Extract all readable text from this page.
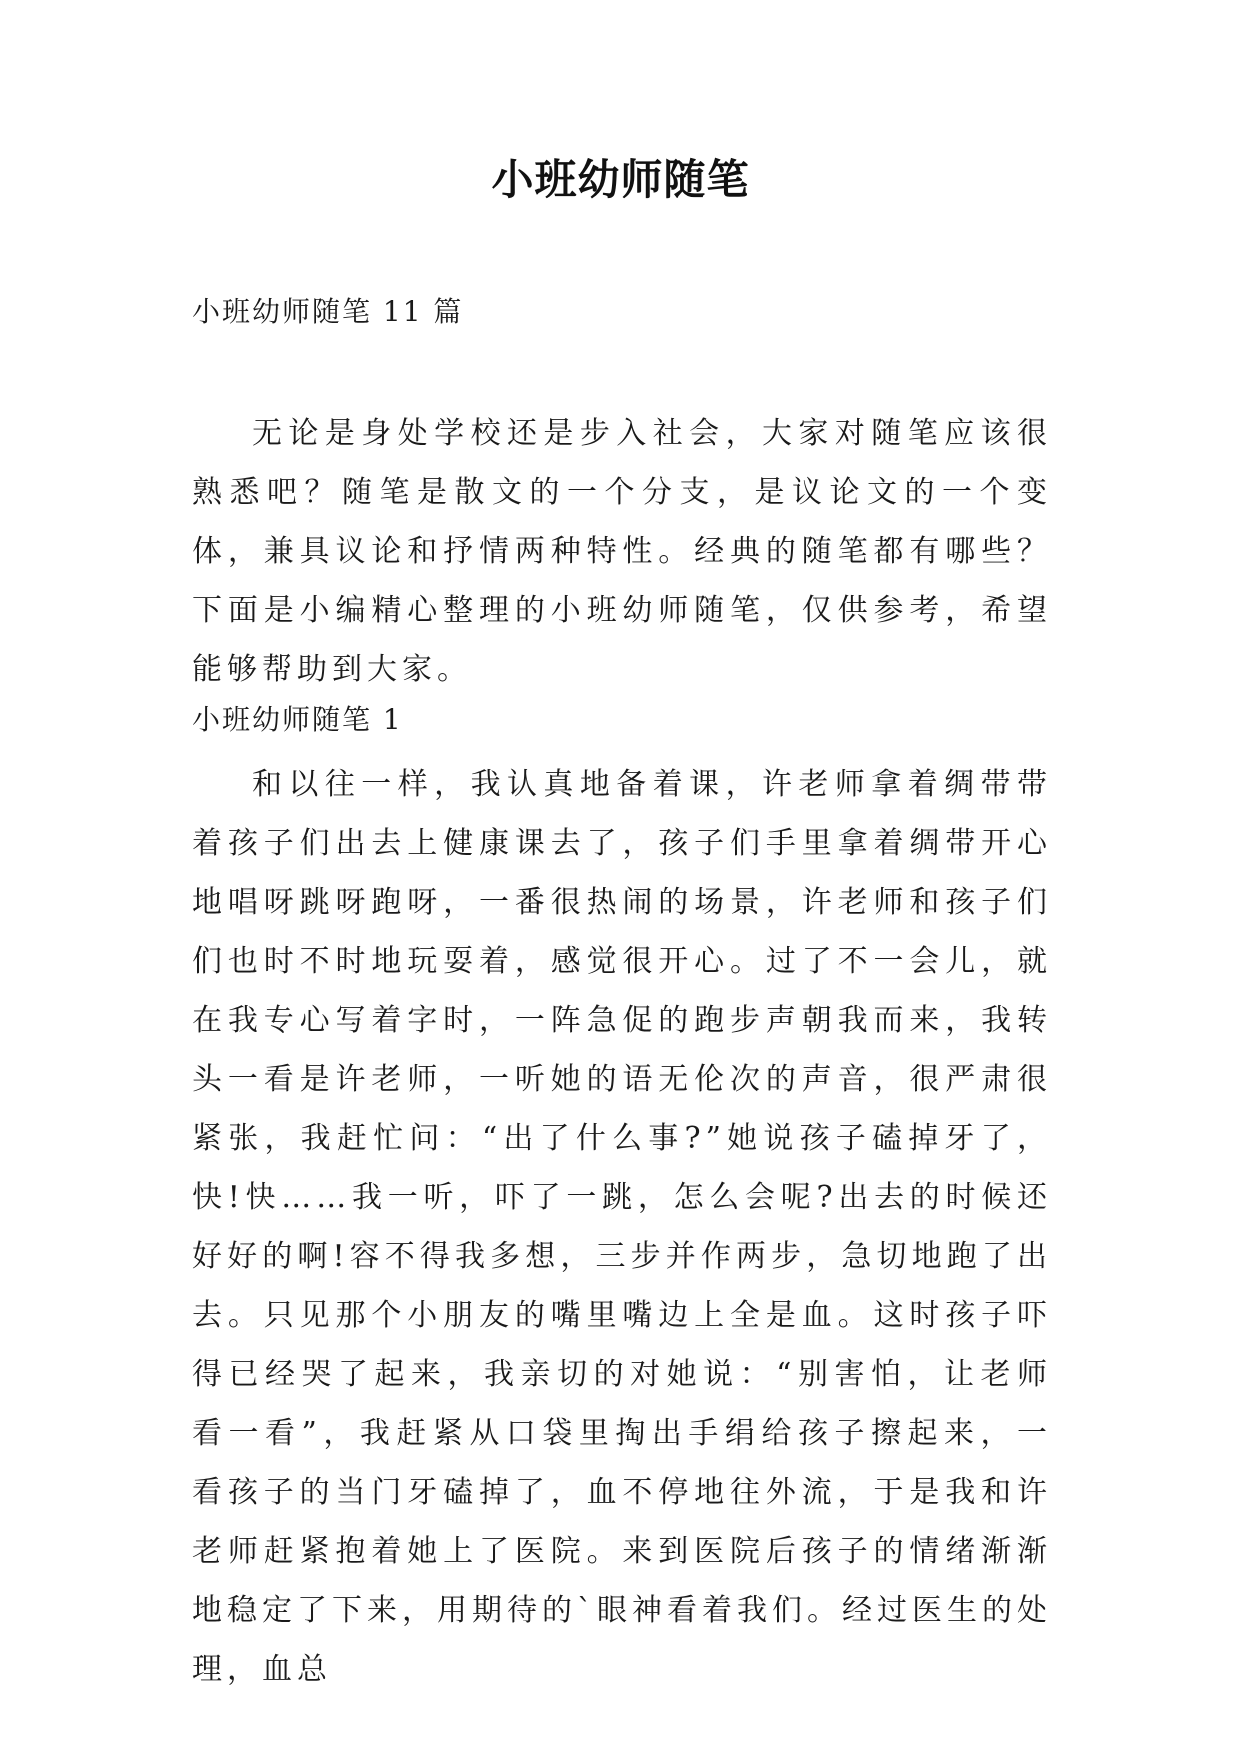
小班幼师随笔
小班幼师随笔 11 篇

无论是身处学校还是步入社会，大家对随笔应该很熟悉吧？随笔是散文的一个分支，是议论文的一个变体，兼具议论和抒情两种特性。经典的随笔都有哪些？下面是小编精心整理的小班幼师随笔，仅供参考，希望能够帮助到大家。

小班幼师随笔 1

和以往一样，我认真地备着课，许老师拿着绸带带着孩子们出去上健康课去了，孩子们手里拿着绸带开心地唱呀跳呀跑呀，一番很热闹的场景，许老师和孩子们们也时不时地玩耍着，感觉很开心。过了不一会儿，就在我专心写着字时，一阵急促的跑步声朝我而来，我转头一看是许老师，一听她的语无伦次的声音，很严肃很紧张，我赶忙问：“出了什么事?”她说孩子磕掉牙了，快!快……我一听，吓了一跳，怎么会呢?出去的时候还好好的啊!容不得我多想，三步并作两步，急切地跑了出去。只见那个小朋友的嘴里嘴边上全是血。这时孩子吓得已经哭了起来，我亲切的对她说：“别害怕，让老师看一看”，我赶紧从口袋里掏出手绢给孩子擦起来，一看孩子的当门牙磕掉了，血不停地往外流，于是我和许老师赶紧抱着她上了医院。来到医院后孩子的情绪渐渐地稳定了下来，用期待的`眼神看着我们。经过医生的处理，血总
